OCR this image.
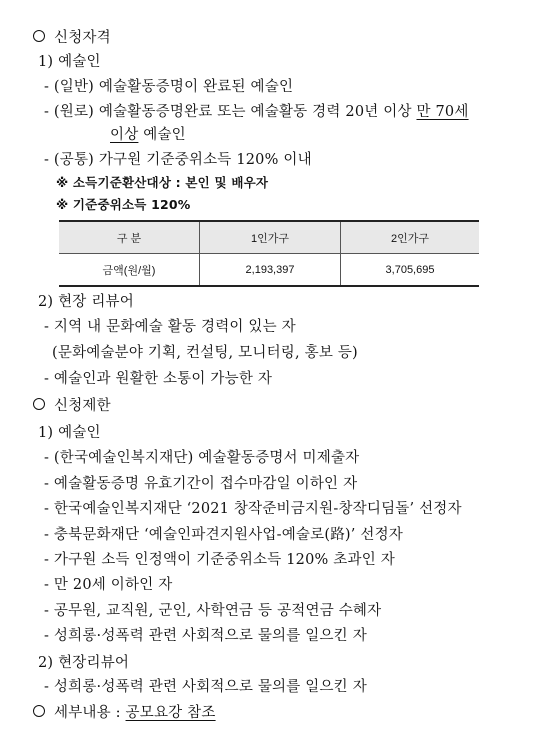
신청자격
1) 예술인
- (일반) 예술활동증명이 완료된 예술인
- (원로) 예술활동증명완료 또는 예술활동 경력 20년 이상 만 70세
이상 예술인
- (공통) 가구원 기준중위소득 120% 이내
※ 소득기준환산대상 : 본인 및 배우자
※ 기준중위소득 120%
구 분	1인가구	2인가구
금액(원/월)	2,193,397	3,705,695
2) 현장 리뷰어
- 지역 내 문화예술 활동 경력이 있는 자
(문화예술분야 기획, 컨설팅, 모니터링, 홍보 등)
- 예술인과 원활한 소통이 가능한 자
신청제한
1) 예술인
- (한국예술인복지재단) 예술활동증명서 미제출자
- 예술활동증명 유효기간이 접수마감일 이하인 자
- 한국예술인복지재단 ‘2021 창작준비금지원-창작디딤돌’ 선정자
- 충북문화재단 ‘예술인파견지원사업-예술로(路)’ 선정자
- 가구원 소득 인정액이 기준중위소득 120% 초과인 자
- 만 20세 이하인 자
- 공무원, 교직원, 군인, 사학연금 등 공적연금 수혜자
- 성희롱·성폭력 관련 사회적으로 물의를 일으킨 자
2) 현장리뷰어
- 성희롱·성폭력 관련 사회적으로 물의를 일으킨 자
세부내용 : 공모요강 참조
